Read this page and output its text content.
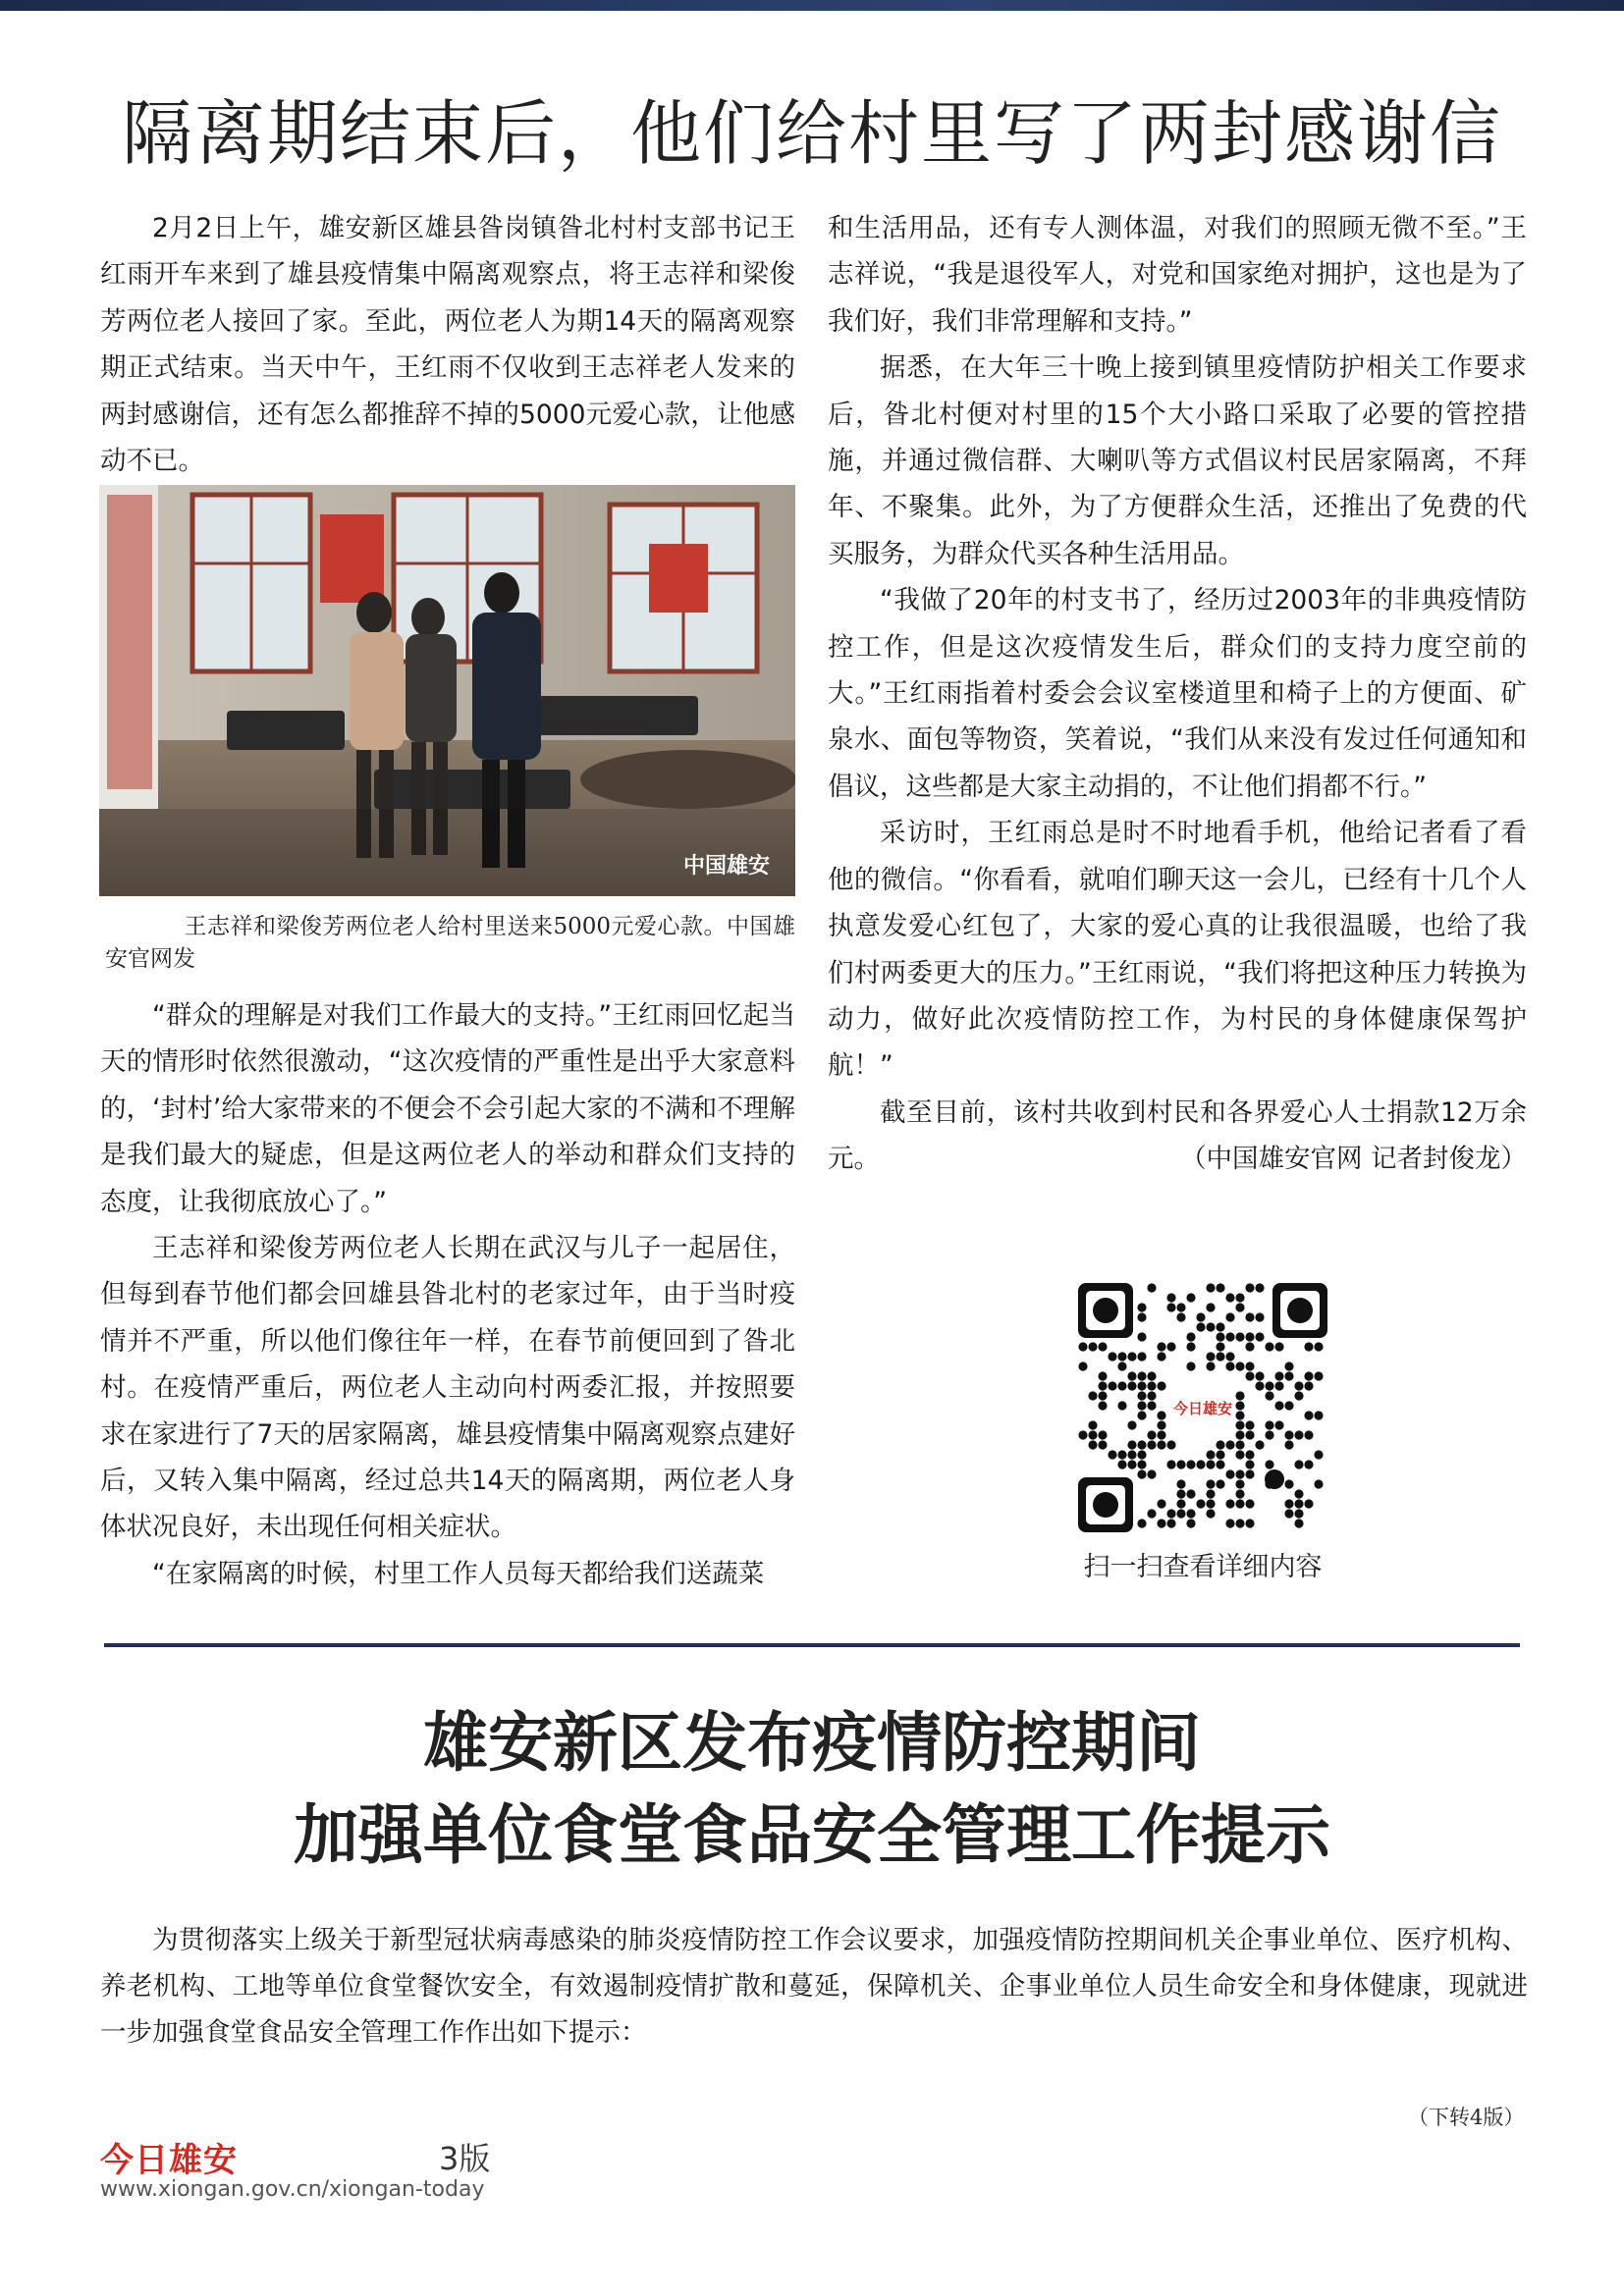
隔离期结束后，他们给村里写了两封感谢信

2月2日上午，雄安新区雄县昝岗镇昝北村村支部书记王红雨开车来到了雄县疫情集中隔离观察点，将王志祥和梁俊芳两位老人接回了家。至此，两位老人为期14天的隔离观察期正式结束。当天中午，王红雨不仅收到王志祥老人发来的两封感谢信，还有怎么都推辞不掉的5000元爱心款，让他感动不已。

中国雄安
王志祥和梁俊芳两位老人给村里送来5000元爱心款。中国雄安官网发

“群众的理解是对我们工作最大的支持。”王红雨回忆起当天的情形时依然很激动，“这次疫情的严重性是出乎大家意料的，‘封村’给大家带来的不便会不会引起大家的不满和不理解是我们最大的疑虑，但是这两位老人的举动和群众们支持的态度，让我彻底放心了。”

王志祥和梁俊芳两位老人长期在武汉与儿子一起居住，但每到春节他们都会回雄县昝北村的老家过年，由于当时疫情并不严重，所以他们像往年一样，在春节前便回到了昝北村。在疫情严重后，两位老人主动向村两委汇报，并按照要求在家进行了7天的居家隔离，雄县疫情集中隔离观察点建好后，又转入集中隔离，经过总共14天的隔离期，两位老人身体状况良好，未出现任何相关症状。

“在家隔离的时候，村里工作人员每天都给我们送蔬菜

和生活用品，还有专人测体温，对我们的照顾无微不至。”王志祥说，“我是退役军人，对党和国家绝对拥护，这也是为了我们好，我们非常理解和支持。”

据悉，在大年三十晚上接到镇里疫情防护相关工作要求后，昝北村便对村里的15个大小路口采取了必要的管控措施，并通过微信群、大喇叭等方式倡议村民居家隔离，不拜年、不聚集。此外，为了方便群众生活，还推出了免费的代买服务，为群众代买各种生活用品。

“我做了20年的村支书了，经历过2003年的非典疫情防控工作，但是这次疫情发生后，群众们的支持力度空前的大。”王红雨指着村委会会议室楼道里和椅子上的方便面、矿泉水、面包等物资，笑着说，“我们从来没有发过任何通知和倡议，这些都是大家主动捐的，不让他们捐都不行。”

采访时，王红雨总是时不时地看手机，他给记者看了看他的微信。“你看看，就咱们聊天这一会儿，已经有十几个人执意发爱心红包了，大家的爱心真的让我很温暖，也给了我们村两委更大的压力。”王红雨说，“我们将把这种压力转换为动力，做好此次疫情防控工作，为村民的身体健康保驾护航！”

截至目前，该村共收到村民和各界爱心人士捐款12万余元。	（中国雄安官网 记者封俊龙）

今日雄安
扫一扫查看详细内容
雄安新区发布疫情防控期间
加强单位食堂食品安全管理工作提示

为贯彻落实上级关于新型冠状病毒感染的肺炎疫情防控工作会议要求，加强疫情防控期间机关企事业单位、医疗机构、养老机构、工地等单位食堂餐饮安全，有效遏制疫情扩散和蔓延，保障机关、企事业单位人员生命安全和身体健康，现就进一步加强食堂食品安全管理工作作出如下提示：

（下转4版）
今日雄安	3版
www.xiongan.gov.cn/xiongan-today
